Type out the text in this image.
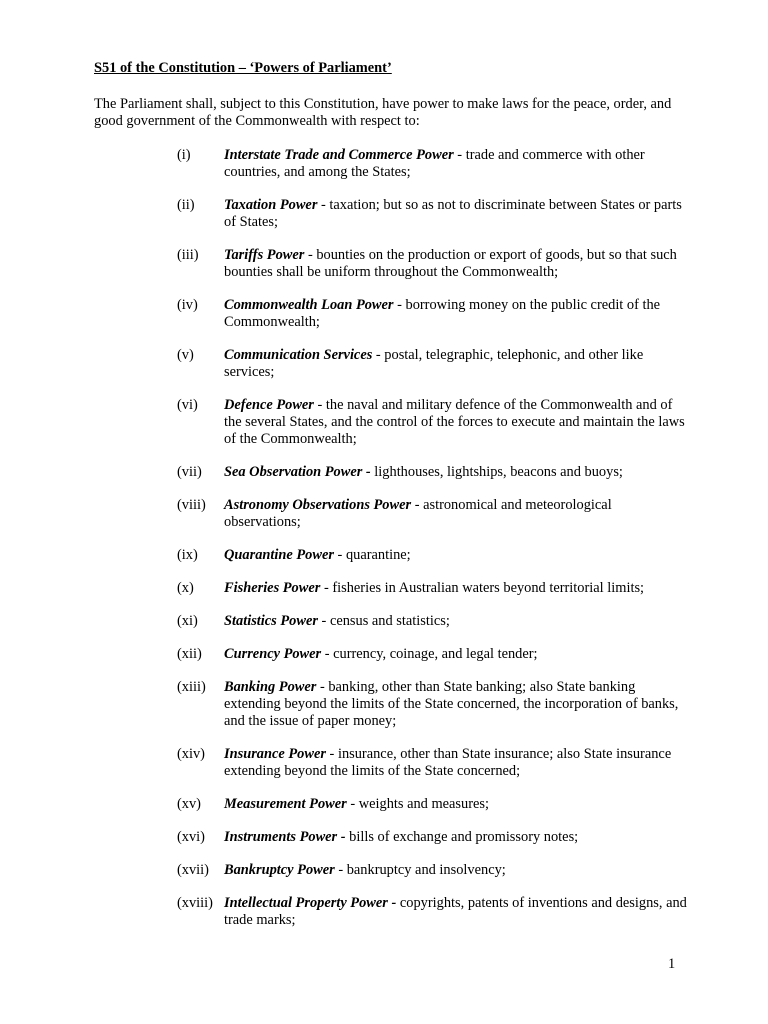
S51 of the Constitution – ‘Powers of Parliament’
The Parliament shall, subject to this Constitution, have power to make laws for the peace, order, and good government of the Commonwealth with respect to:
(i)	Interstate Trade and Commerce Power - trade and commerce with other countries, and among the States;
(ii)	Taxation Power - taxation; but so as not to discriminate between States or parts of States;
(iii)	Tariffs Power - bounties on the production or export of goods, but so that such bounties shall be uniform throughout the Commonwealth;
(iv)	Commonwealth Loan Power - borrowing money on the public credit of the Commonwealth;
(v)	Communication Services - postal, telegraphic, telephonic, and other like services;
(vi)	Defence Power - the naval and military defence of the Commonwealth and of the several States, and the control of the forces to execute and maintain the laws of the Commonwealth;
(vii)	Sea Observation Power - lighthouses, lightships, beacons and buoys;
(viii)	Astronomy Observations Power - astronomical and meteorological observations;
(ix)	Quarantine Power - quarantine;
(x)	Fisheries Power - fisheries in Australian waters beyond territorial limits;
(xi)	Statistics Power - census and statistics;
(xii)	Currency Power - currency, coinage, and legal tender;
(xiii)	Banking Power - banking, other than State banking; also State banking extending beyond the limits of the State concerned, the incorporation of banks, and the issue of paper money;
(xiv)	Insurance Power - insurance, other than State insurance; also State insurance extending beyond the limits of the State concerned;
(xv)	Measurement Power - weights and measures;
(xvi)	Instruments Power - bills of exchange and promissory notes;
(xvii)	Bankruptcy Power - bankruptcy and insolvency;
(xviii) Intellectual Property Power - copyrights, patents of inventions and designs, and trade marks;
1
